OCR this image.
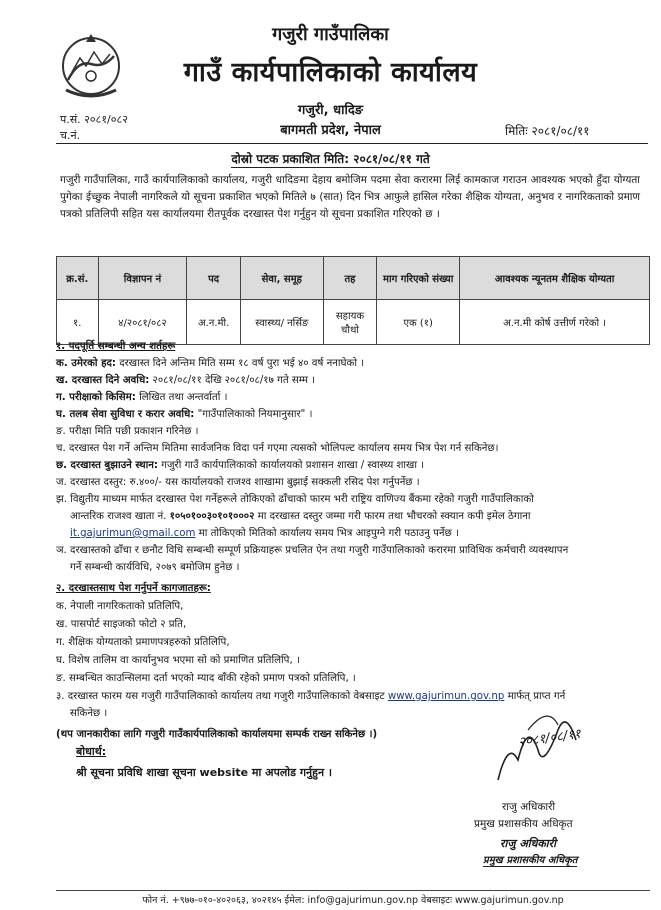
गजुरी गाउँपालिका
गाउँ कार्यपालिकाको कार्यालय
गजुरी, धादिङ
बागमती प्रदेश, नेपाल
प.सं. २०८१/०८२
च.नं.	मितिः २०८१/०८/११
दोस्रो पटक प्रकाशित मिति: २०८१/०८/११ गते
गजुरी गाउँपालिका, गाउँ कार्यपालिकाको कार्यालय, गजुरी धादिङमा देहाय बमोजिम पदमा सेवा करारमा लिई कामकाज गराउन आवश्यक भएको हुँदा योग्यता पुगेका ईच्छुक नेपाली नागरिकले यो सूचना प्रकाशित भएको मितिले ७ (सात) दिन भित्र आफुले हासिल गरेका शैक्षिक योग्यता, अनुभव र नागरिकताको प्रमाण पत्रको प्रतिलिपी सहित यस कार्यालयमा रीतपूर्वक दरखास्त पेश गर्नुहुन यो सूचना प्रकाशित गरिएको छ ।
क्र.सं.	विज्ञापन नं	पद	सेवा, समूह	तह	माग गरिएको संख्या	आवश्यक न्यूनतम शैक्षिक योग्यता
१.	४/२०८१/०८२	अ.न.मी.	स्वास्थ्य/ नर्सिङ	सहायक चौथो	एक (१)	अ.न.मी कोर्ष उत्तीर्ण गरेको ।
१. पदपूर्ति सम्बन्धी अन्य शर्तहरू
क. उमेरको हद: दरखास्त दिने अन्तिम मिति सम्म १८ वर्ष पुरा भई ४० वर्ष ननाघेको ।
ख. दरखास्त दिने अवधि: २०८१/०८/११ देखि २०८१/०८/१७ गते सम्म ।
ग. परीक्षाको किसिम: लिखित तथा अन्तर्वार्ता ।
घ. तलब सेवा सुविधा र करार अवधि: "गाउँपालिकाको नियमानुसार" ।
ङ. परीक्षा मिति पछी प्रकाशन गरिनेछ ।
च. दरखास्त पेश गर्ने अन्तिम मितिमा सार्वजनिक विदा पर्न गएमा त्यसको भोलिपल्ट कार्यालय समय भित्र पेश गर्न सकिनेछ।
छ. दरखास्त बुझाउने स्थान: गजुरी गाउँ कार्यपालिकाको कार्यालयको प्रशासन शाखा / स्वास्थ्य शाखा ।
ज. दरखास्त दस्तुर: रु.४००/- यस कार्यालयको राजश्व शाखामा बुझाई सक्कली रसिद पेश गर्नुपर्नेछ ।
झ. विद्युतीय माध्यम मार्फत दरखास्त पेश गर्नेहरूले तोकिएको ढाँचाको फारम भरी राष्ट्रिय वाणिज्य बैंकमा रहेको गजुरी गाउँपालिकाको
आन्तरिक राजश्व खाता नं. १०५०१००३०१०१०००२ मा दरखास्त दस्तुर जम्मा गरी फारम तथा भौचरको स्क्यान कपी इमेल ठेगाना
it.gajurimun@gmail.com मा तोकिएको मितिको कार्यालय समय भित्र आइपुग्ने गरी पठाउनु पर्नेछ ।
ञ. दरखास्तको ढाँचा र छनौट विधि सम्बन्धी सम्पूर्ण प्रक्रियाहरू प्रचलित ऐन तथा गजुरी गाउँपालिकाको करारमा प्राविधिक कर्मचारी व्यवस्थापन
गर्ने सम्बन्धी कार्यविधि, २०७९ बमोजिम हुनेछ ।
२. दरखास्तसाथ पेश गर्नुपर्ने कागजातहरू:
क. नेपाली नागरिकताको प्रतिलिपि,
ख. पासपोर्ट साइजको फोटो २ प्रति,
ग. शैक्षिक योग्यताको प्रमाणपत्रहरुको प्रतिलिपि,
घ. विशेष तालिम वा कार्यानुभव भएमा सो को प्रमाणित प्रतिलिपि, ।
ङ. सम्बन्धित काउन्सिलमा दर्ता भएको म्याद बाँकी रहेको प्रमाण पत्रको प्रतिलिपि, ।
३. दरखास्त फारम यस गजुरी गाउँपालिकाको कार्यालय तथा गजुरी गाउँपालिकाको वेबसाइट www.gajurimun.gov.np मार्फत् प्राप्त गर्न
सकिनेछ ।
(थप जानकारीका लागि गजुरी गाउँकार्यपालिकाको कार्यालयमा सम्पर्क राख्न सकिनेछ ।)
बोधार्थ:
श्री सूचना प्रविधि शाखा सूचना website मा अपलोड गर्नुहुन ।
२०८१/०८/११
राजु अधिकारी
प्रमुख प्रशासकीय अधिकृत
राजु अधिकारी
प्रमुख प्रशासकीय अधिकृत
फोन नं. +९७७-०१०-४०२०६३, ४०२१४५ ईमेल: info@gajurimun.gov.np वेबसाइटः www.gajurimun.gov.np
